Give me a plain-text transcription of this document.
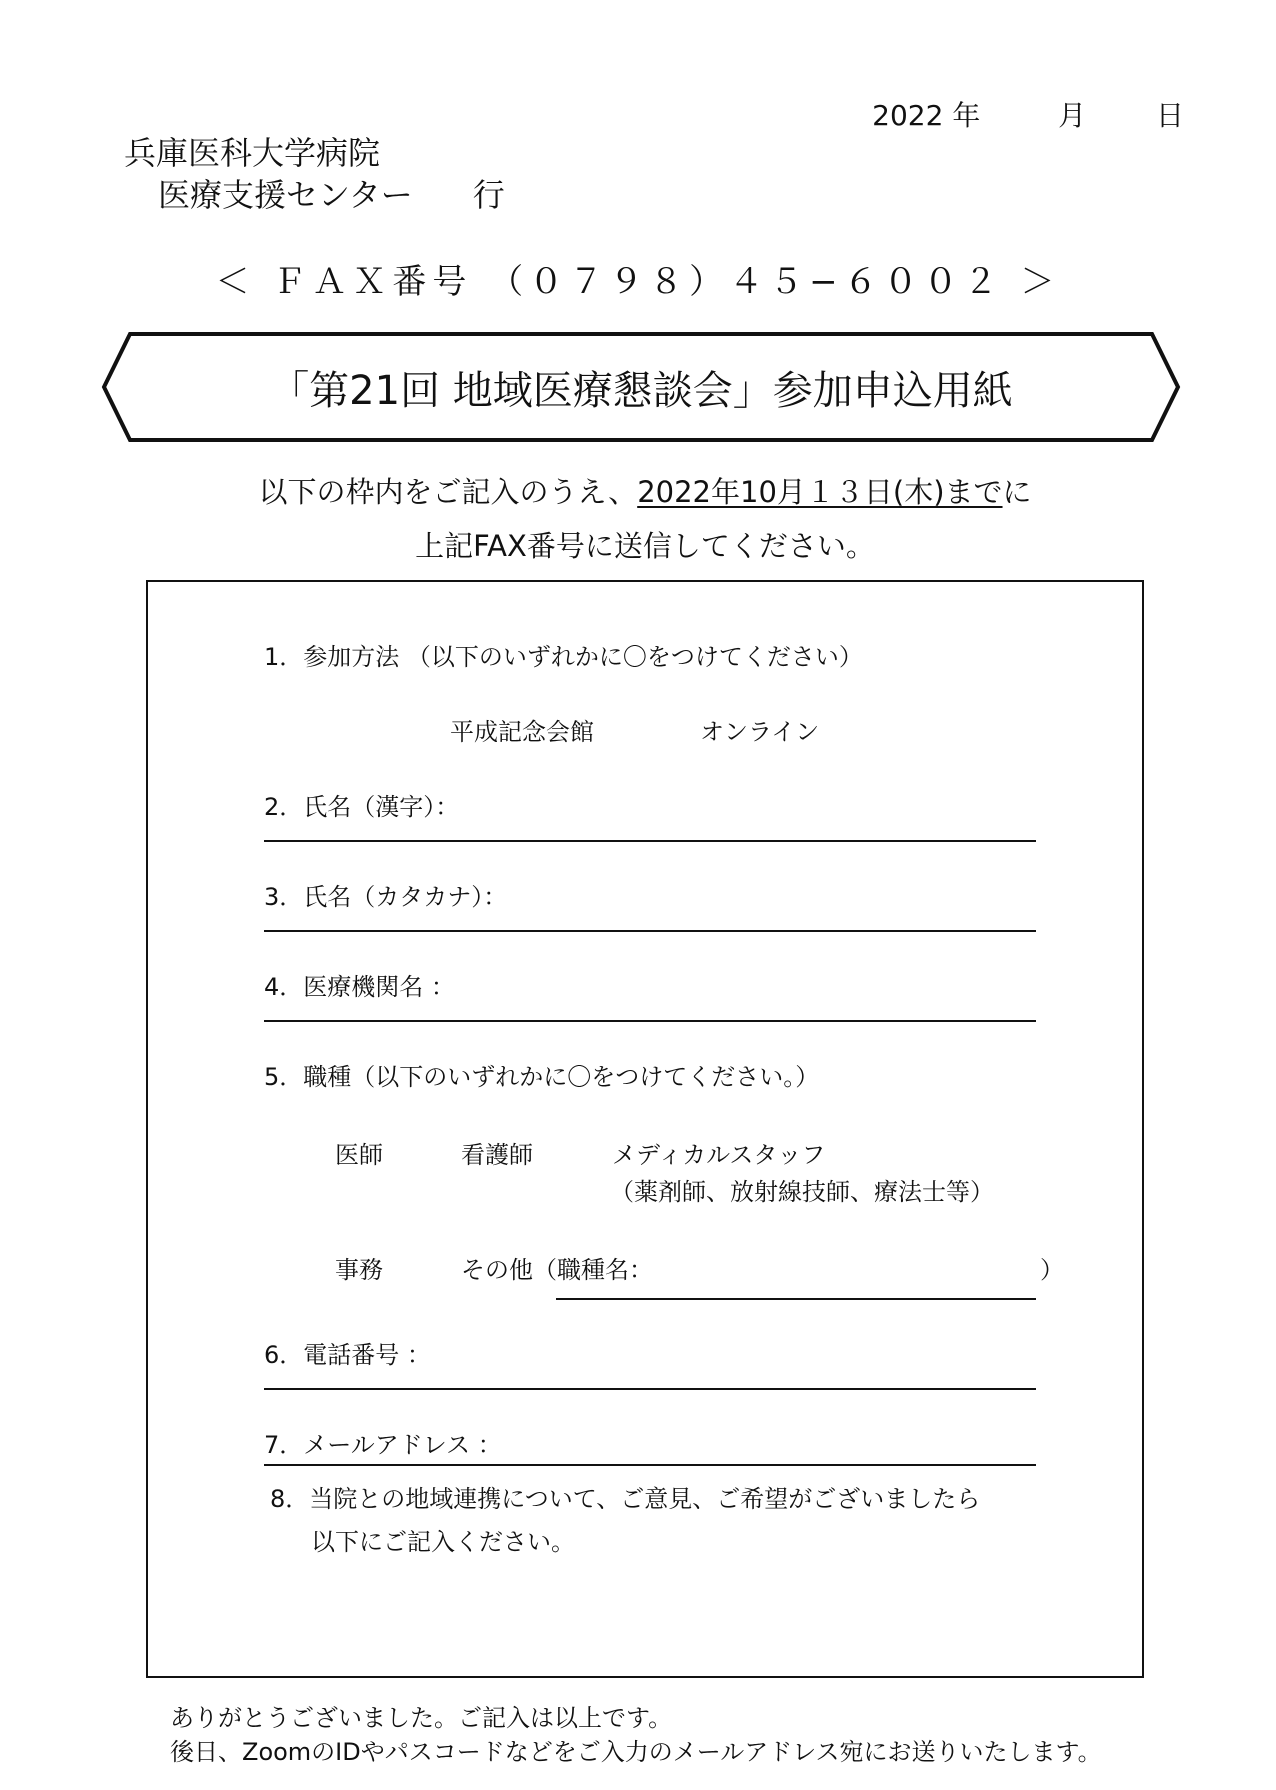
2022 年	月 日
兵庫医科大学病院
医療支援センター 行
＜ ＦＡＸ番号 （０７９８）４５−６００２ ＞
「第21回 地域医療懇談会」参加申込用紙
以下の枠内をご記入のうえ、2022年10月１３日(木)までに
上記FAX番号に送信してください。
1．参加方法 （以下のいずれかに〇をつけてください）
平成記念会館	オンライン
2．氏名（漢字）：
3．氏名（カタカナ）：
4．医療機関名 ：
5．職種（以下のいずれかに〇をつけてください。）
医師	看護師	メディカルスタッフ
（薬剤師、放射線技師、療法士等）
事務	その他（職種名：	）
6．電話番号 ：
7．メールアドレス ：
8．当院との地域連携について、ご意見、ご希望がございましたら
以下にご記入ください。
ありがとうございました。ご記入は以上です。
後日、ZoomのIDやパスコードなどをご入力のメールアドレス宛にお送りいたします。
